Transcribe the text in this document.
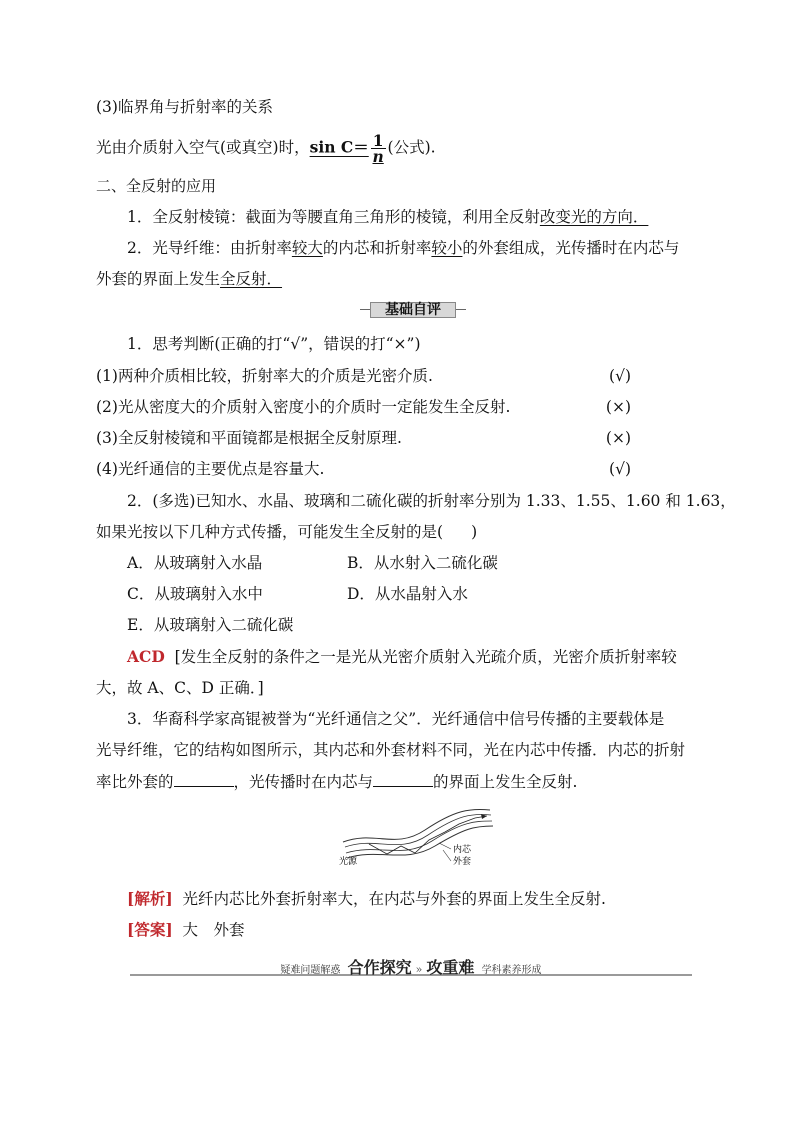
(3)临界角与折射率的关系
光由介质射入空气(或真空)时，$\sin C= \frac{1}{n}$ (公式).
二、全反射的应用
1．全反射棱镜：截面为等腰直角三角形的棱镜，利用全反射改变光的方向．
2．光导纤维：由折射率较大的内芯和折射率较小的外套组成，光传播时在内芯与
外套的界面上发生全反射．
基础自评
1．思考判断(正确的打“√”，错误的打“×”)
(1)两种介质相比较，折射率大的介质是光密介质.	(√)
(2)光从密度大的介质射入密度小的介质时一定能发生全反射.	(×)
(3)全反射棱镜和平面镜都是根据全反射原理.	(×)
(4)光纤通信的主要优点是容量大.	(√)
2．(多选)已知水、水晶、玻璃和二硫化碳的折射率分别为 1.33、1.55、1.60 和 1.63，
如果光按以下几种方式传播，可能发生全反射的是( )
A．从玻璃射入水晶	B．从水射入二硫化碳
C．从玻璃射入水中	D．从水晶射入水
E．从玻璃射入二硫化碳
ACD [发生全反射的条件之一是光从光密介质射入光疏介质，光密介质折射率较
大，故 A、C、D 正确．]
3．华裔科学家高锟被誉为“光纤通信之父”．光纤通信中信号传播的主要载体是
光导纤维，它的结构如图所示，其内芯和外套材料不同，光在内芯中传播．内芯的折射
率比外套的	，光传播时在内芯与	的界面上发生全反射.
光源
内芯
外套
[解析] 光纤内芯比外套折射率大，在内芯与外套的界面上发生全反射.
[答案] 大　外套
疑难问题解惑 合作探究 » 攻重难 学科素养形成
